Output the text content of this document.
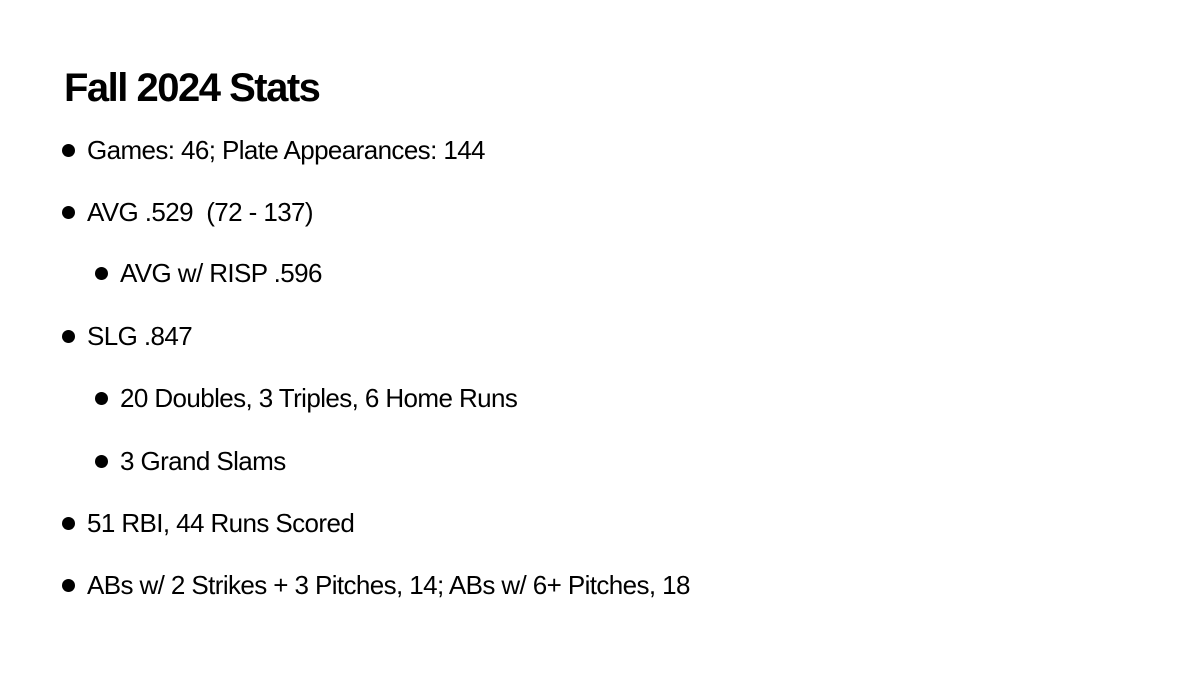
Fall 2024 Stats
Games: 46; Plate Appearances: 144
AVG .529  (72 - 137)
AVG w/ RISP .596
SLG .847
20 Doubles, 3 Triples, 6 Home Runs
3 Grand Slams
51 RBI, 44 Runs Scored
ABs w/ 2 Strikes + 3 Pitches, 14; ABs w/ 6+ Pitches, 18
